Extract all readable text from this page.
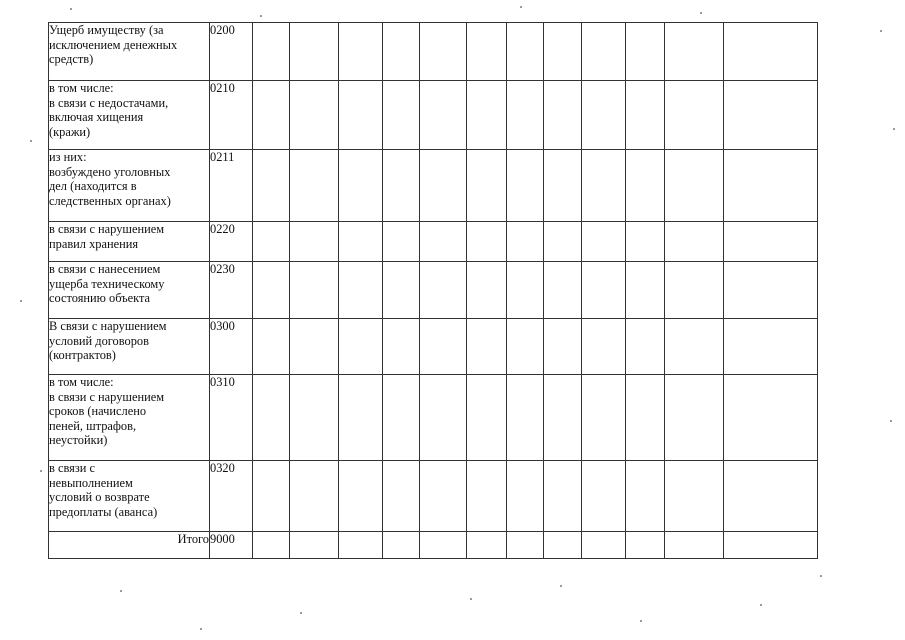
Ущерб имуществу (за
исключением денежных
средств)	0200												

в том числе:
в связи с недостачами,
включая хищения
(кражи)	0210												

из них:
возбуждено уголовных
дел (находится в
следственных органах)	0211												

в связи с нарушением
правил хранения	0220												

в связи с нанесением
ущерба техническому
состоянию объекта	0230												

В связи с нарушением
условий договоров
(контрактов)	0300												

в том числе:
в связи с нарушением
сроков (начислено
пеней, штрафов,
неустойки)	0310												

в связи с
невыполнением
условий о возврате
предоплаты (аванса)	0320												
Итого	9000												
